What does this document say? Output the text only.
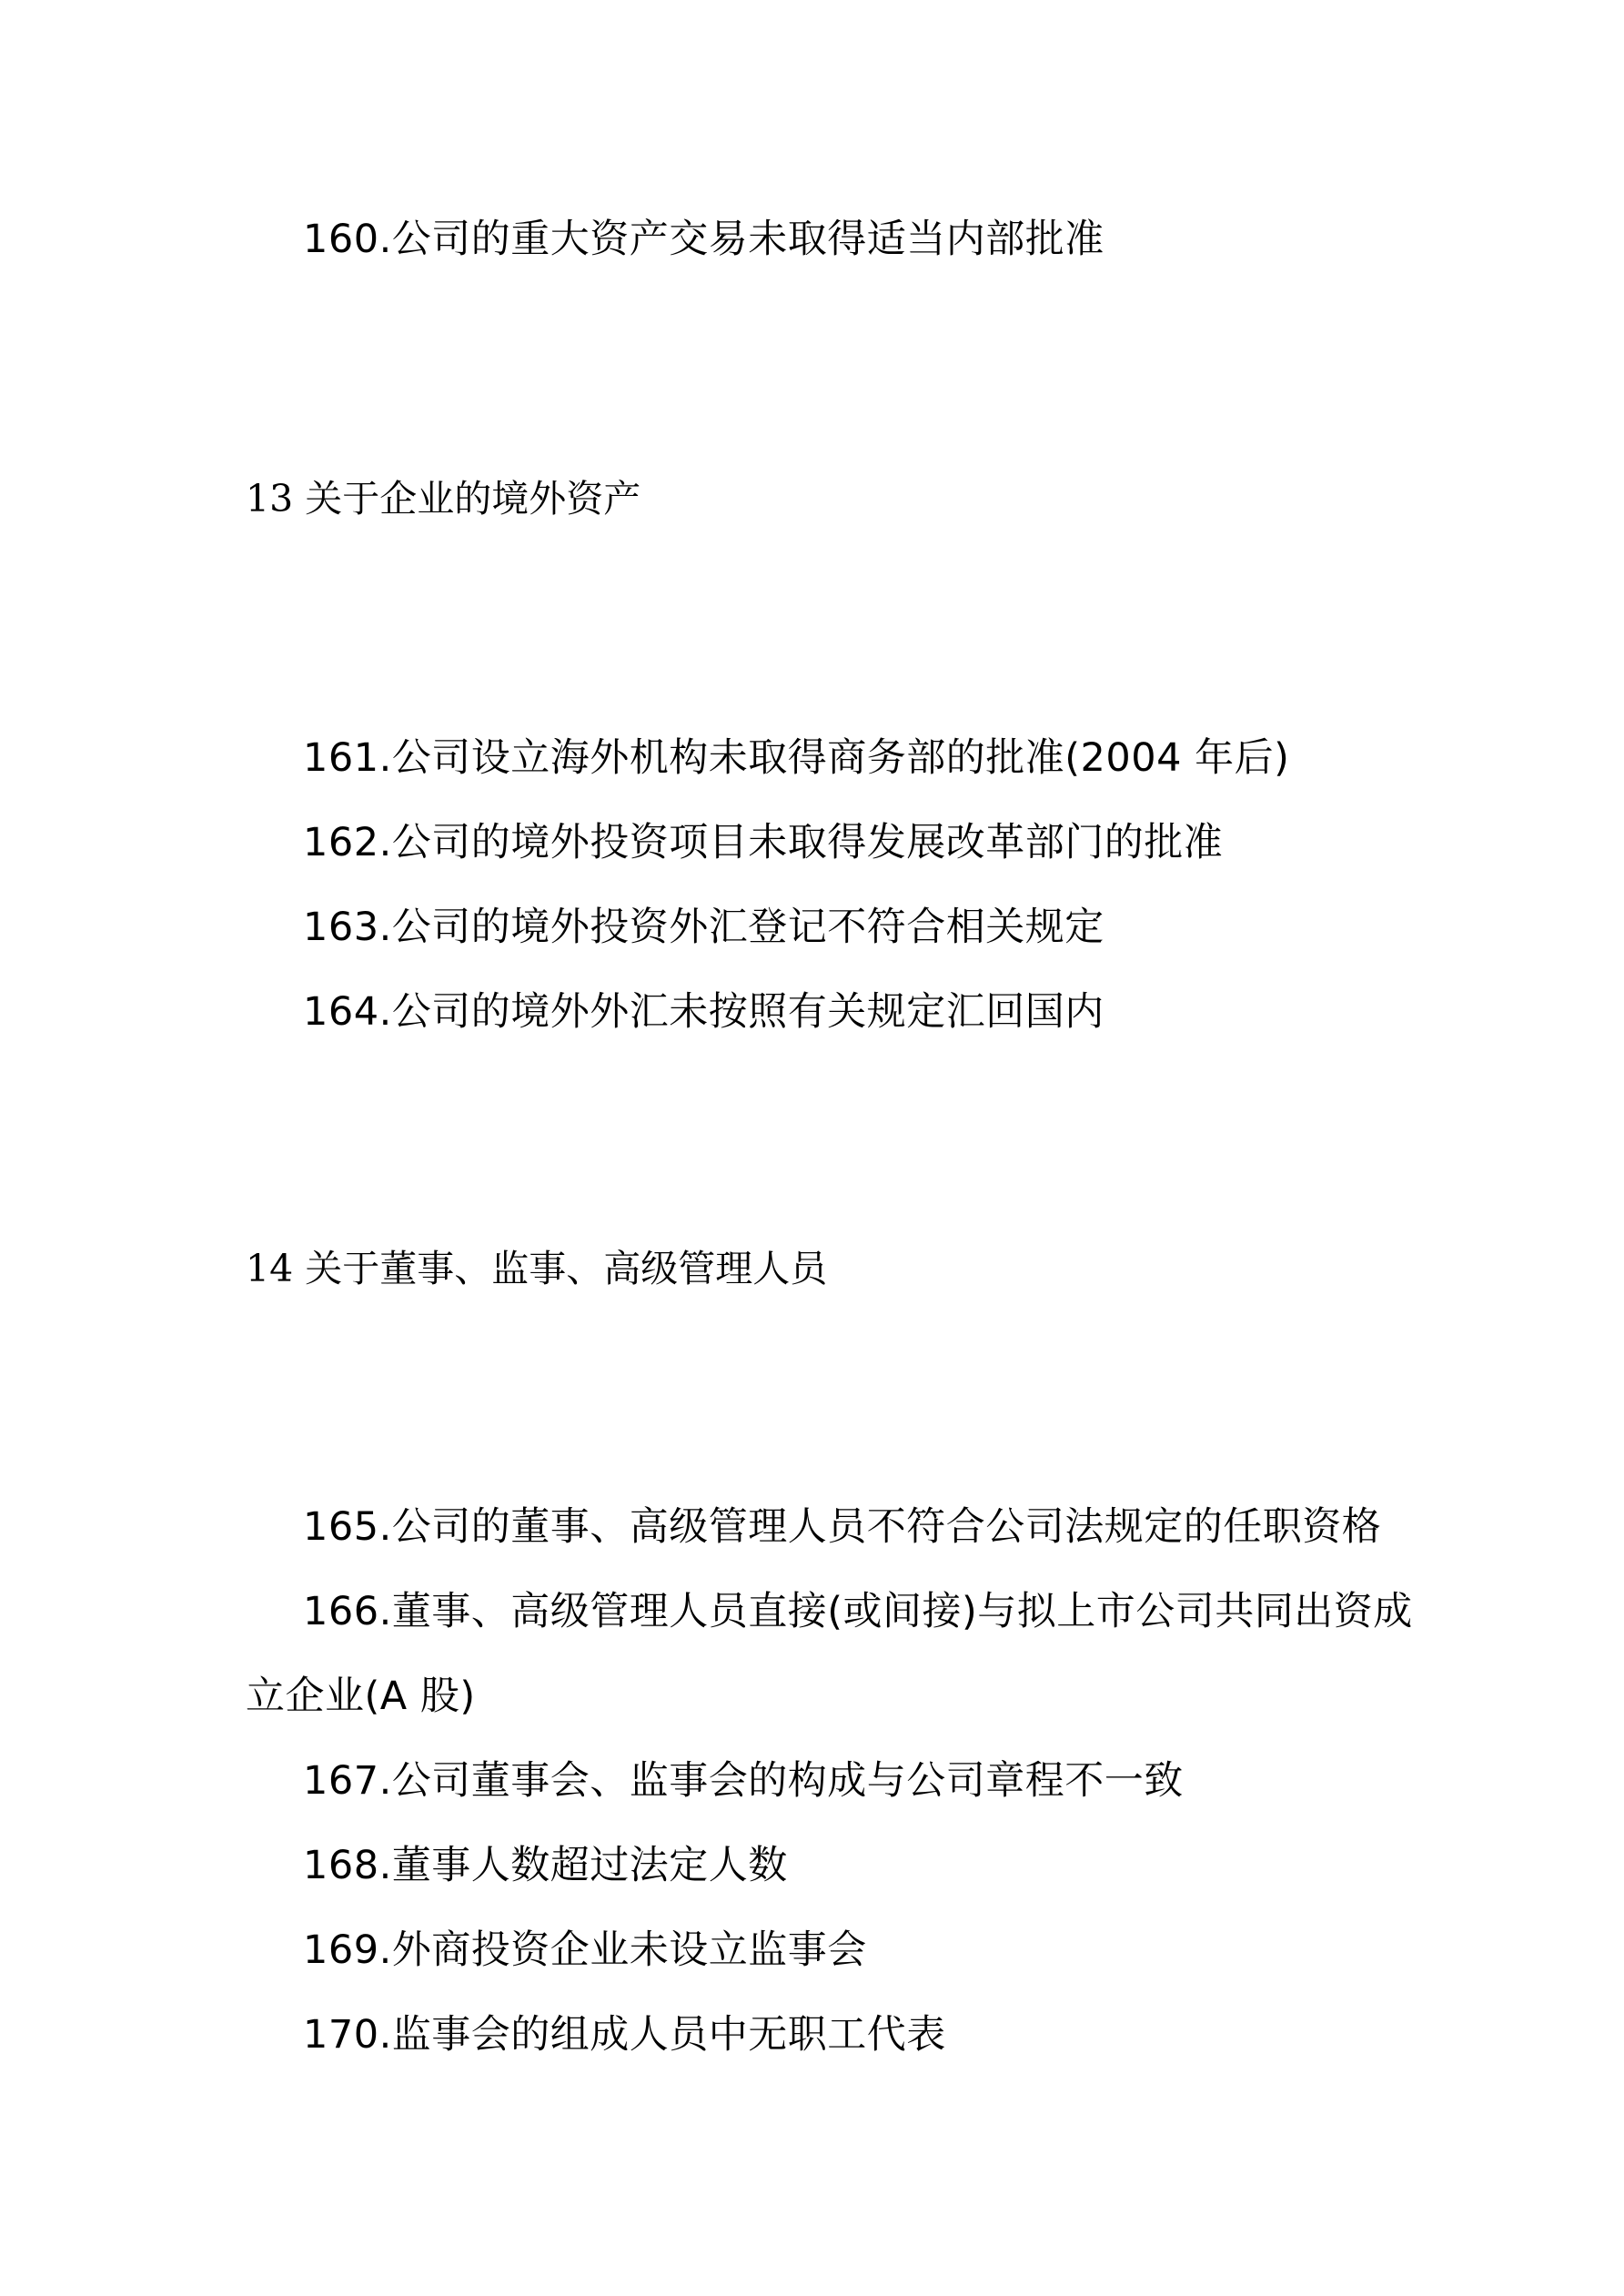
160.公司的重大资产交易未取得适当内部批准
13 关于企业的境外资产
161.公司设立海外机构未取得商务部的批准(2004 年后)
162.公司的境外投资项目未取得发展改革部门的批准
163.公司的境外投资外汇登记不符合相关规定
164.公司的境外外汇未按照有关规定汇回国内
14 关于董事、监事、高级管理人员
165.公司的董事、高级管理人员不符合公司法规定的任职资格
166.董事、高级管理人员直接(或间接)与拟上市公司共同出资成
立企业(A 股)
167.公司董事会、监事会的构成与公司章程不一致
168.董事人数超过法定人数
169.外商投资企业未设立监事会
170.监事会的组成人员中无职工代表
